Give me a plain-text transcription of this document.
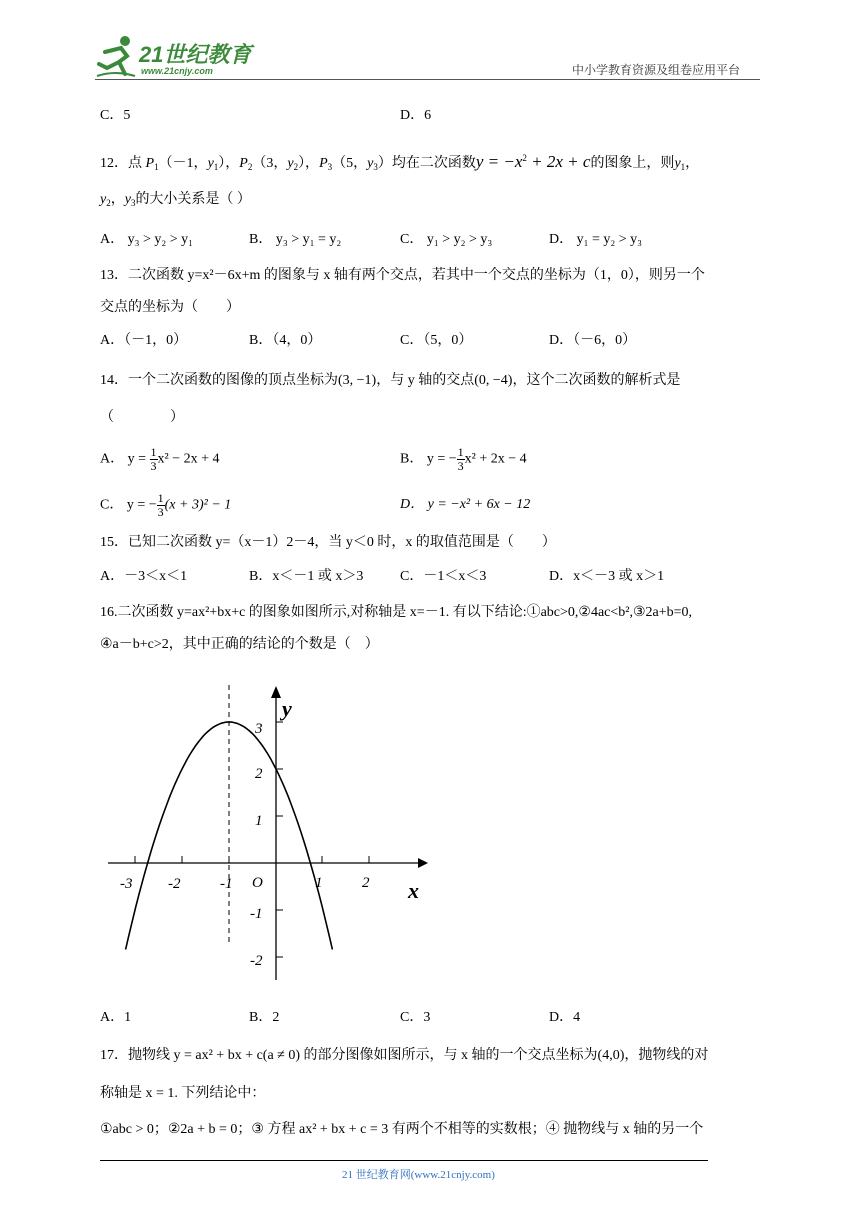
21世纪教育
www.21cnjy.com	中小学教育资源及组卷应用平台
C．5	D．6
12．点 $P_1(-1$，$y_1$），$P_2(3$，$y_2$），$P_3(5$，$y_3$）均在二次函数$y = -x^2 + 2x + c$的图象上，则$y_1$，
$y_2$，$y_3$的大小关系是（ ）
A． y₃ > y₂ > y₁	B． y₃ > y₁ = y₂	C． y₁ > y₂ > y₃	D． y₁ = y₂ > y₃
13．二次函数 y=x²－6x+m 的图象与 x 轴有两个交点，若其中一个交点的坐标为（1，0），则另一个
交点的坐标为（　　）
A．（－1，0）	B．（4，0）	C．（5，0）	D．（－6，0）
14．一个二次函数的图像的顶点坐标为(3, −1)，与 y 轴的交点(0, −4)，这个二次函数的解析式是
（　　　　）
A． $y = \frac{1}{3} x^2 - 2x + 4$	B． y = − $\frac{1}{3} x^2 + 2x - 4$
C． y = − $\frac{1}{3} (x + 3)^2 - 1$	D． y = −x² + 6x − 12
15．已知二次函数 y=（x－1）2－4，当 y＜0 时，x 的取值范围是（　　）
A．－3＜x＜1	B．x＜－1 或 x＞3	C．－1＜x＜3	D．x＜－3 或 x＞1
16.二次函数 y=ax²+bx+c 的图象如图所示,对称轴是 x=－1. 有以下结论:①abc>0,②4ac<b²,③2a+b=0,
④a－b+c>2，其中正确的结论的个数是（　）
-3 -2	-1 O	1	2 x
y
3
2
1
-1
-2
A．1	B．2	C．3	D．4
17．抛物线 y = ax² + bx + c(a ≠ 0) 的部分图像如图所示，与 x 轴的一个交点坐标为(4,0)，抛物线的对
称轴是 x = 1. 下列结论中：
①abc > 0；②2a + b = 0；③ 方程 ax² + bx + c = 3 有两个不相等的实数根；④ 抛物线与 x 轴的另一个
21 世纪教育网(www.21cnjy.com)
